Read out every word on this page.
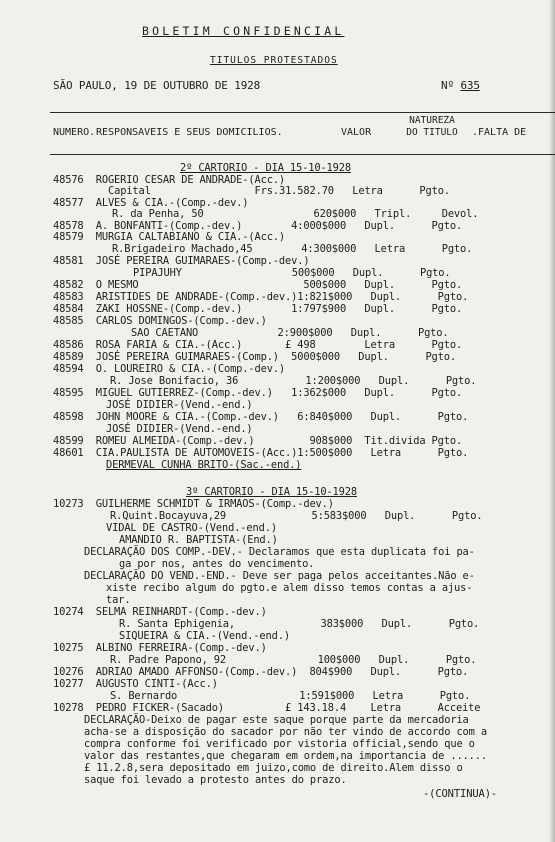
BOLETIM CONFIDENCIAL
TITULOS PROTESTADOS
SÃO PAULO, 19 DE OUTUBRO DE 1928	Nº 635
NUMERO. RESPONSAVEIS E SEUS DOMICILIOS.	VALOR
NATUREZA DO TITULO .FALTA DE
2º CARTORIO - DIA 15-10-1928
48576  ROGERIO CESAR DE ANDRADE-(Acc.)
Capital                 Frs.31.582.70   Letra      Pgto.
48577  ALVES & CIA.-(Comp.-dev.)
R. da Penha, 50                  620$000   Tripl.     Devol.
48578  A. BONFANTI-(Comp.-dev.)        4:000$000   Dupl.      Pgto.
48579  MURGIA CALTABIANO & CIA.-(Acc.)
R.Brigadeiro Machado,45        4:300$000   Letra      Pgto.
48581  JOSÉ PEREIRA GUIMARAES-(Comp.-dev.)
PIPAJUHY                  500$000   Dupl.      Pgto.
48582  O MESMO                           500$000   Dupl.      Pgto.
48583  ARISTIDES DE ANDRADE-(Comp.-dev.)1:821$000   Dupl.      Pgto.
48584  ZAKI HOSSNE-(Comp.-dev.)        1:797$900   Dupl.      Pgto.
48585  CARLOS DOMINGOS-(Comp.-dev.)
SAO CAETANO             2:900$000   Dupl.      Pgto.
48586  ROSA FARIA & CIA.-(Acc.)       £ 498        Letra      Pgto.
48589  JOSÉ PEREIRA GUIMARAES-(Comp.)  5000$000   Dupl.      Pgto.
48594  O. LOUREIRO & CIA.-(Comp.-dev.)
R. Jose Bonifacio, 36           1:200$000   Dupl.      Pgto.
48595  MIGUEL GUTIERREZ-(Comp.-dev.)   1:362$000   Dupl.      Pgto.
JOSÉ DIDIER-(Vend.-end.)
48598  JOHN MOORE & CIA.-(Comp.-dev.)   6:840$000   Dupl.      Pgto.
JOSÉ DIDIER-(Vend.-end.)
48599  ROMEU ALMEIDA-(Comp.-dev.)         908$000  Tit.divida Pgto.
48601  CIA.PAULISTA DE AUTOMOVEIS-(Acc.)1:500$000   Letra      Pgto.
DERMEVAL CUNHA BRITO-(Sac.-end.)
3º CARTORIO - DIA 15-10-1928
10273  GUILHERME SCHMIDT & IRMAOS-(Comp.-dev.)
R.Quint.Bocayuva,29              5:583$000   Dupl.      Pgto.
VIDAL DE CASTRO-(Vend.-end.)
AMANDIO R. BAPTISTA-(End.)
DECLARAÇÃO DOS COMP.-DEV.- Declaramos que esta duplicata foi pa-
ga por nos, antes do vencimento.
DECLARAÇÃO DO VEND.-END.- Deve ser paga pelos acceitantes.Não e-
xiste recibo algum do pgto.e alem disso temos contas a ajus-
tar.
10274  SELMA REINHARDT-(Comp.-dev.)
R. Santa Ephigenia,              383$000   Dupl.      Pgto.
SIQUEIRA & CIA.-(Vend.-end.)
10275  ALBINO FERREIRA-(Comp.-dev.)
R. Padre Papono, 92               100$000   Dupl.      Pgto.
10276  ADRIAO AMADO AFFONSO-(Comp.-dev.)  804$900   Dupl.      Pgto.
10277  AUGUSTO CINTI-(Acc.)
S. Bernardo                    1:591$000   Letra      Pgto.
10278  PEDRO FICKER-(Sacado)          £ 143.18.4    Letra      Acceite
DECLARAÇÃO-Deixo de pagar este saque porque parte da mercadoria
acha-se a disposição do sacador por não ter vindo de accordo com a
compra conforme foi verificado por vistoria official,sendo que o
valor das restantes,que chegaram em ordem,na importancia de ......
£ 11.2.8,sera depositado em juizo,como de direito.Alem disso o
saque foi levado a protesto antes do prazo.
-(CONTINUA)-
